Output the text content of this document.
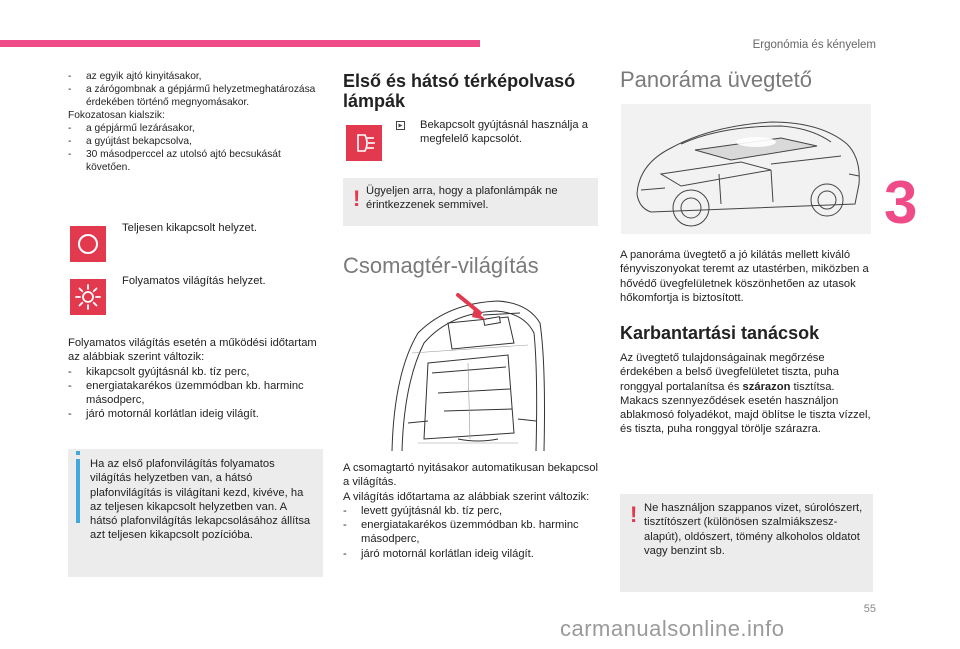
Ergonómia és kényelem
3
- az egyik ajtó kinyitásakor,
- a zárógombnak a gépjármű helyzetmeghatározása érdekében történő megnyomásakor.
Fokozatosan kialszik:
- a gépjármű lezárásakor,
- a gyújtást bekapcsolva,
- 30 másodperccel az utolsó ajtó becsukását követően.
Teljesen kikapcsolt helyzet.
Folyamatos világítás helyzet.
Folyamatos világítás esetén a működési időtartam az alábbiak szerint változik:
- kikapcsolt gyújtásnál kb. tíz perc,
- energiatakarékos üzemmódban kb. harminc másodperc,
- járó motornál korlátlan ideig világít.
Ha az első plafonvilágítás folyamatos világítás helyzetben van, a hátsó plafonvilágítás is világítani kezd, kivéve, ha az teljesen kikapcsolt helyzetben van. A hátsó plafonvilágítás lekapcsolásához állítsa azt teljesen kikapcsolt pozícióba.
Első és hátsó térképolvasó lámpák
Bekapcsolt gyújtásnál használja a megfelelő kapcsolót.
! Ügyeljen arra, hogy a plafonlámpák ne érintkezzenek semmivel.
Csomagtér-világítás
A csomagtartó nyitásakor automatikusan bekapcsol a világítás.
A világítás időtartama az alábbiak szerint változik:
- levett gyújtásnál kb. tíz perc,
- energiatakarékos üzemmódban kb. harminc másodperc,
- járó motornál korlátlan ideig világít.
Panoráma üvegtető
A panoráma üvegtető a jó kilátás mellett kiváló fényviszonyokat teremt az utastérben, miközben a hővédő üvegfelületnek köszönhetően az utasok hőkomfortja is biztosított.
Karbantartási tanácsok
Az üvegtető tulajdonságainak megőrzése érdekében a belső üvegfelületet tiszta, puha ronggyal portalanítsa és szárazon tisztítsa. Makacs szennyeződések esetén használjon ablakmosó folyadékot, majd öblítse le tiszta vízzel, és tiszta, puha ronggyal törölje szárazra.
! Ne használjon szappanos vizet, súrolószert, tisztítószert (különösen szalmiákszesz-alapút), oldószert, tömény alkoholos oldatot vagy benzint sb.
55
carmanualsonline.info
